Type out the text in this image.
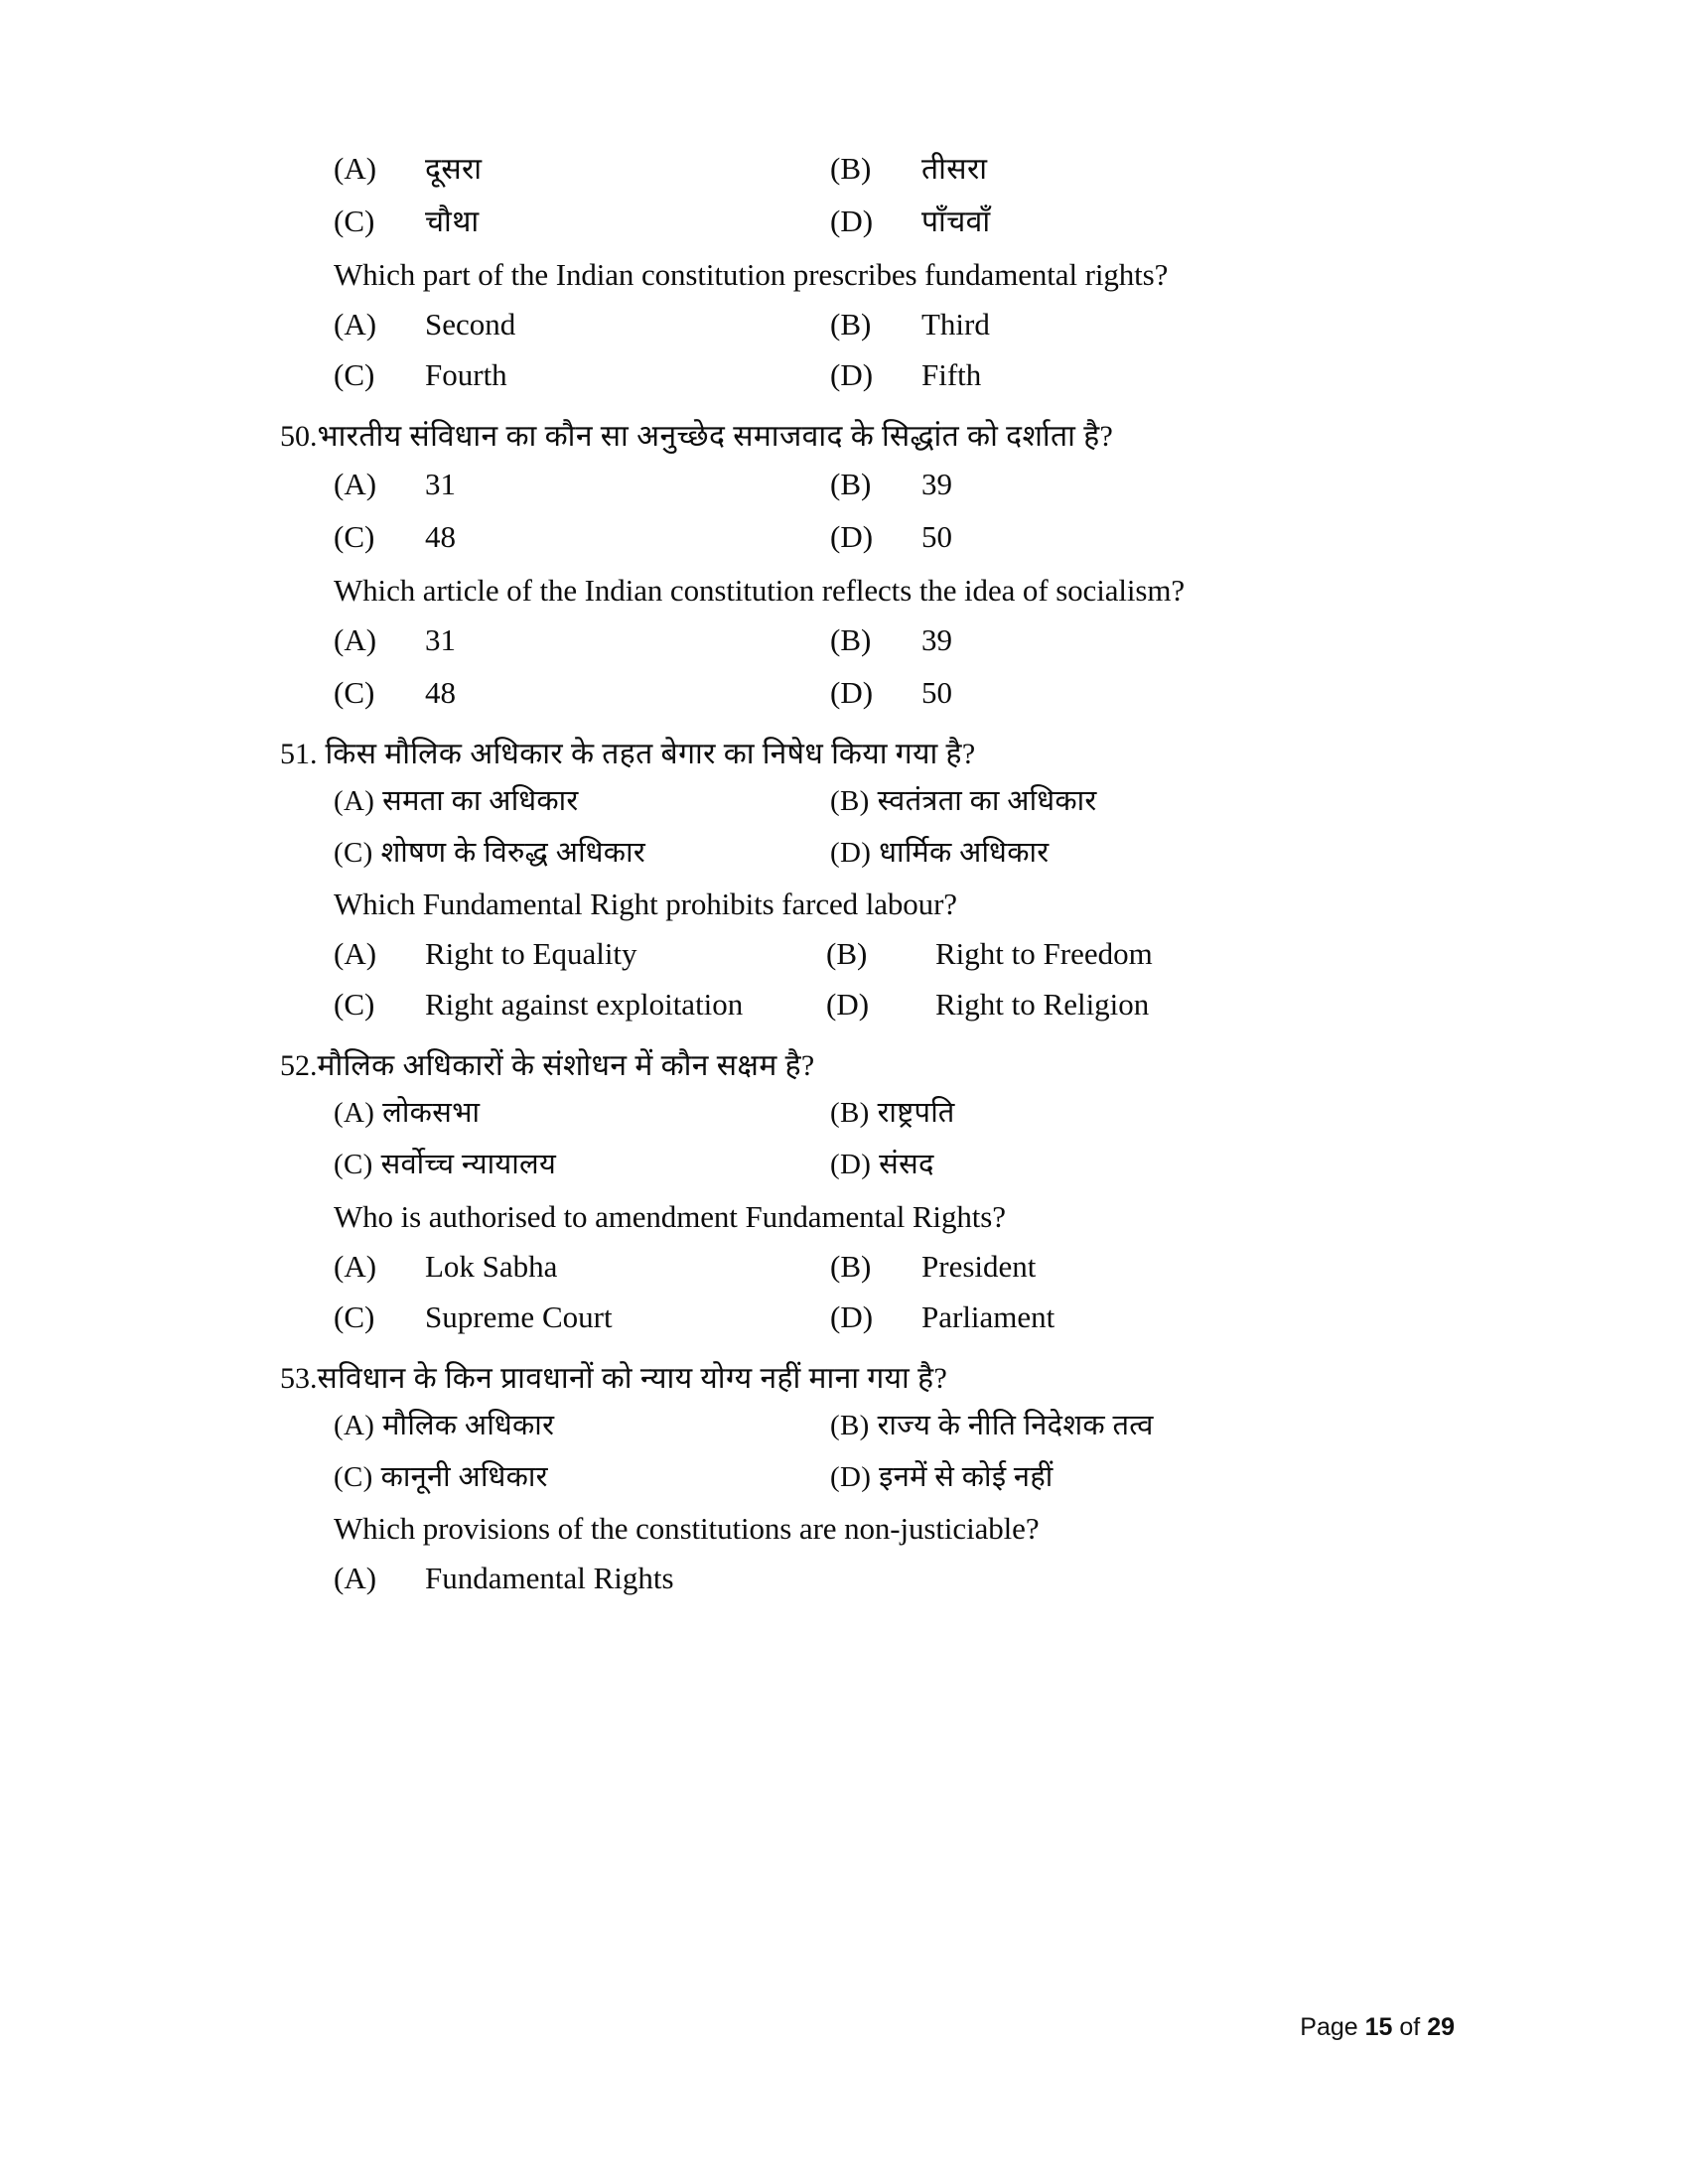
(A)	दूसरा	(B)	तीसरा
(C)	चौथा	(D)	पाँचवाँ
Which part of the Indian constitution prescribes fundamental rights?
(A)	Second	(B)	Third
(C)	Fourth	(D)	Fifth
50. भारतीय संविधान का कौन सा अनुच्छेद समाजवाद के सिद्धांत को दर्शाता है?
(A)	31	(B)	39
(C)	48	(D)	50
Which article of the Indian constitution reflects the idea of socialism?
(A)	31	(B)	39
(C)	48	(D)	50
51. किस मौलिक अधिकार के तहत बेगार का निषेध किया गया है?
(A) समता का अधिकार	(B) स्वतंत्रता का अधिकार
(C) शोषण के विरुद्ध अधिकार	(D) धार्मिक अधिकार
Which Fundamental Right prohibits farced labour?
(A)	Right to Equality	(B)	Right to Freedom
(C)	Right against exploitation	(D)	Right to Religion
52. मौलिक अधिकारों के संशोधन में कौन सक्षम है?
(A) लोकसभा	(B) राष्ट्रपति
(C) सर्वोच्च न्यायालय	(D) संसद
Who is authorised to amendment Fundamental Rights?
(A)	Lok Sabha	(B)	President
(C)	Supreme Court	(D)	Parliament
53. सविधान के किन प्रावधानों को न्याय योग्य नहीं माना गया है?
(A) मौलिक अधिकार	(B) राज्य के नीति निदेशक तत्व
(C) कानूनी अधिकार	(D) इनमें से कोई नहीं
Which provisions of the constitutions are non-justiciable?
(A)	Fundamental Rights
Page 15 of 29
